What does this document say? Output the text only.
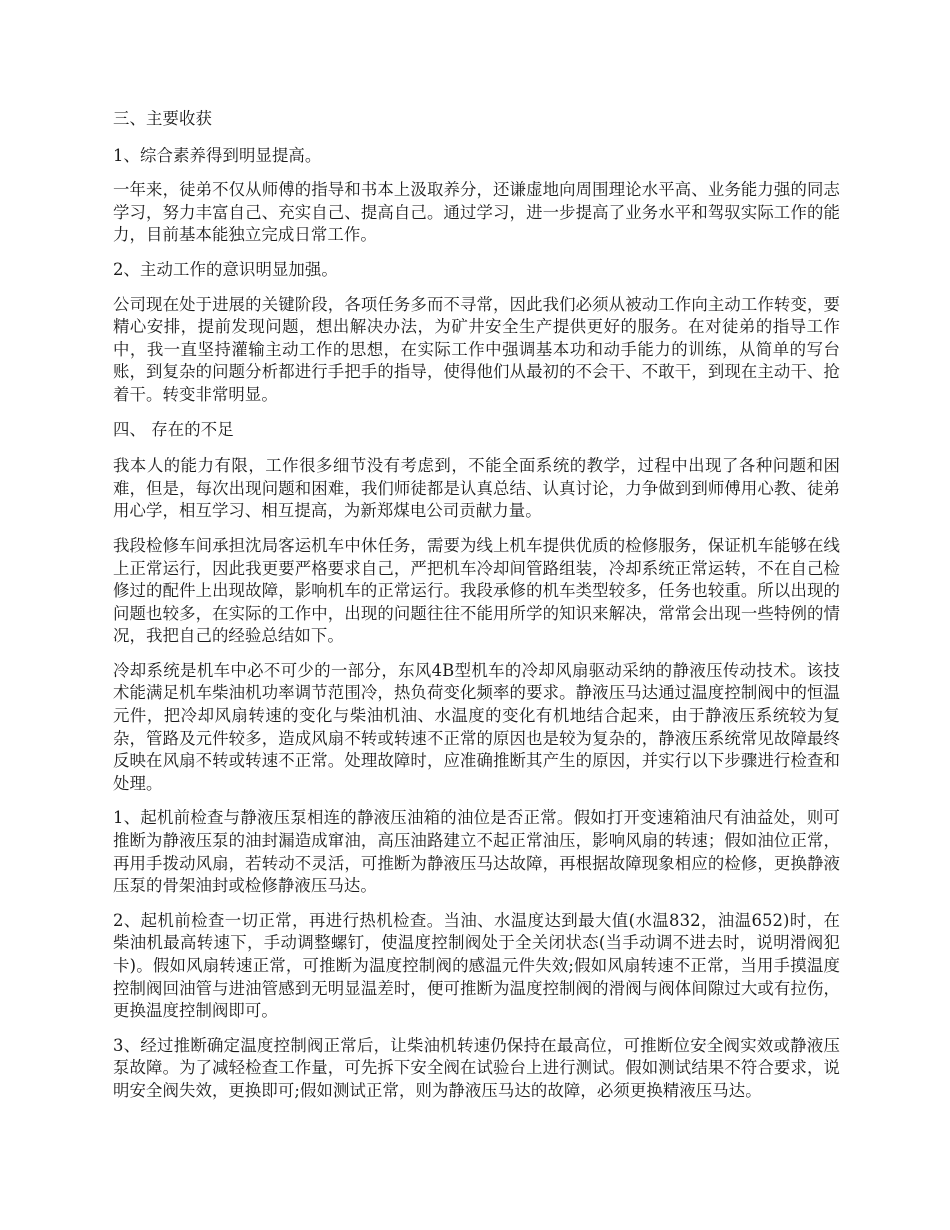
三、主要收获

1、综合素养得到明显提高。

一年来，徒弟不仅从师傅的指导和书本上汲取养分，还谦虚地向周围理论水平高、业务能力强的同志学习，努力丰富自己、充实自己、提高自己。通过学习，进一步提高了业务水平和驾驭实际工作的能力，目前基本能独立完成日常工作。

2、主动工作的意识明显加强。

公司现在处于进展的关键阶段，各项任务多而不寻常，因此我们必须从被动工作向主动工作转变，要精心安排，提前发现问题，想出解决办法，为矿井安全生产提供更好的服务。在对徒弟的指导工作中，我一直坚持灌输主动工作的思想，在实际工作中强调基本功和动手能力的训练，从简单的写台账，到复杂的问题分析都进行手把手的指导，使得他们从最初的不会干、不敢干，到现在主动干、抢着干。转变非常明显。

四、 存在的不足

我本人的能力有限，工作很多细节没有考虑到，不能全面系统的教学，过程中出现了各种问题和困难，但是，每次出现问题和困难，我们师徒都是认真总结、认真讨论，力争做到到师傅用心教、徒弟用心学，相互学习、相互提高，为新郑煤电公司贡献力量。

我段检修车间承担沈局客运机车中休任务，需要为线上机车提供优质的检修服务，保证机车能够在线上正常运行，因此我更要严格要求自己，严把机车冷却间管路组装，冷却系统正常运转，不在自己检修过的配件上出现故障，影响机车的正常运行。我段承修的机车类型较多，任务也较重。所以出现的问题也较多，在实际的工作中，出现的问题往往不能用所学的知识来解决，常常会出现一些特例的情况，我把自己的经验总结如下。

冷却系统是机车中必不可少的一部分，东风4B型机车的冷却风扇驱动采纳的静液压传动技术。该技术能满足机车柴油机功率调节范围冷，热负荷变化频率的要求。静液压马达通过温度控制阀中的恒温元件，把冷却风扇转速的变化与柴油机油、水温度的变化有机地结合起来，由于静液压系统较为复杂，管路及元件较多，造成风扇不转或转速不正常的原因也是较为复杂的，静液压系统常见故障最终反映在风扇不转或转速不正常。处理故障时，应准确推断其产生的原因，并实行以下步骤进行检查和处理。

1、起机前检查与静液压泵相连的静液压油箱的油位是否正常。假如打开变速箱油尺有油益处，则可推断为静液压泵的油封漏造成窜油，高压油路建立不起正常油压，影响风扇的转速；假如油位正常，再用手拨动风扇，若转动不灵活，可推断为静液压马达故障，再根据故障现象相应的检修，更换静液压泵的骨架油封或检修静液压马达。

2、起机前检查一切正常，再进行热机检查。当油、水温度达到最大值(水温832，油温652)时，在柴油机最高转速下，手动调整螺钉，使温度控制阀处于全关闭状态(当手动调不进去时，说明滑阀犯卡)。假如风扇转速正常，可推断为温度控制阀的感温元件失效;假如风扇转速不正常，当用手摸温度控制阀回油管与进油管感到无明显温差时，便可推断为温度控制阀的滑阀与阀体间隙过大或有拉伤，更换温度控制阀即可。

3、经过推断确定温度控制阀正常后，让柴油机转速仍保持在最高位，可推断位安全阀实效或静液压泵故障。为了减轻检查工作量，可先拆下安全阀在试验台上进行测试。假如测试结果不符合要求，说明安全阀失效，更换即可;假如测试正常，则为静液压马达的故障，必须更换精液压马达。
